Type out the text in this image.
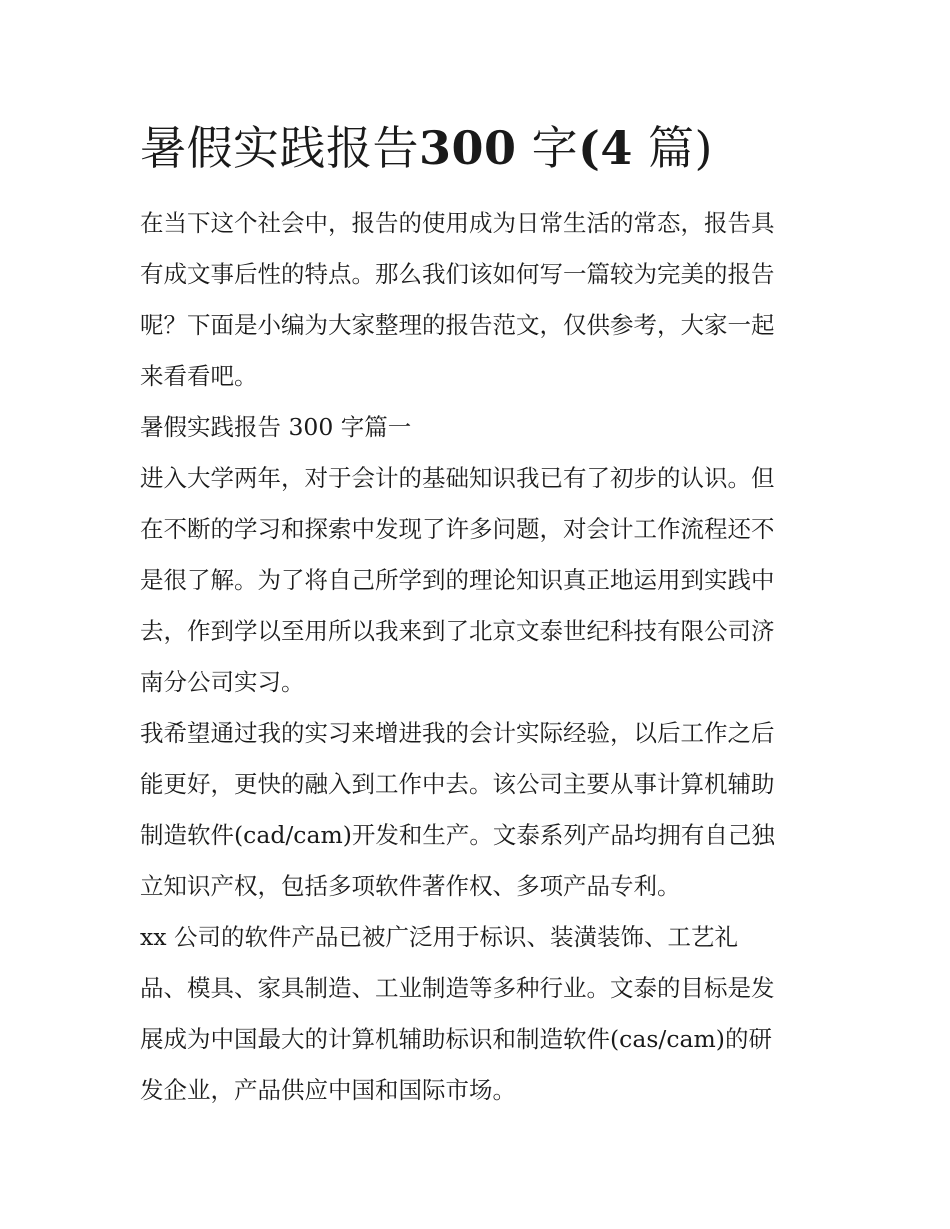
暑假实践报告300 字(4 篇)

在当下这个社会中，报告的使用成为日常生活的常态，报告具
有成文事后性的特点。那么我们该如何写一篇较为完美的报告
呢？下面是小编为大家整理的报告范文，仅供参考，大家一起
来看看吧。

暑假实践报告 300 字篇一

进入大学两年，对于会计的基础知识我已有了初步的认识。但
在不断的学习和探索中发现了许多问题，对会计工作流程还不
是很了解。为了将自己所学到的理论知识真正地运用到实践中
去，作到学以至用所以我来到了北京文泰世纪科技有限公司济
南分公司实习。

我希望通过我的实习来增进我的会计实际经验，以后工作之后
能更好，更快的融入到工作中去。该公司主要从事计算机辅助
制造软件(cad/cam)开发和生产。文泰系列产品均拥有自己独
立知识产权，包括多项软件著作权、多项产品专利。

xx 公司的软件产品已被广泛用于标识、装潢装饰、工艺礼
品、模具、家具制造、工业制造等多种行业。文泰的目标是发
展成为中国最大的计算机辅助标识和制造软件(cas/cam)的研
发企业，产品供应中国和国际市场。
